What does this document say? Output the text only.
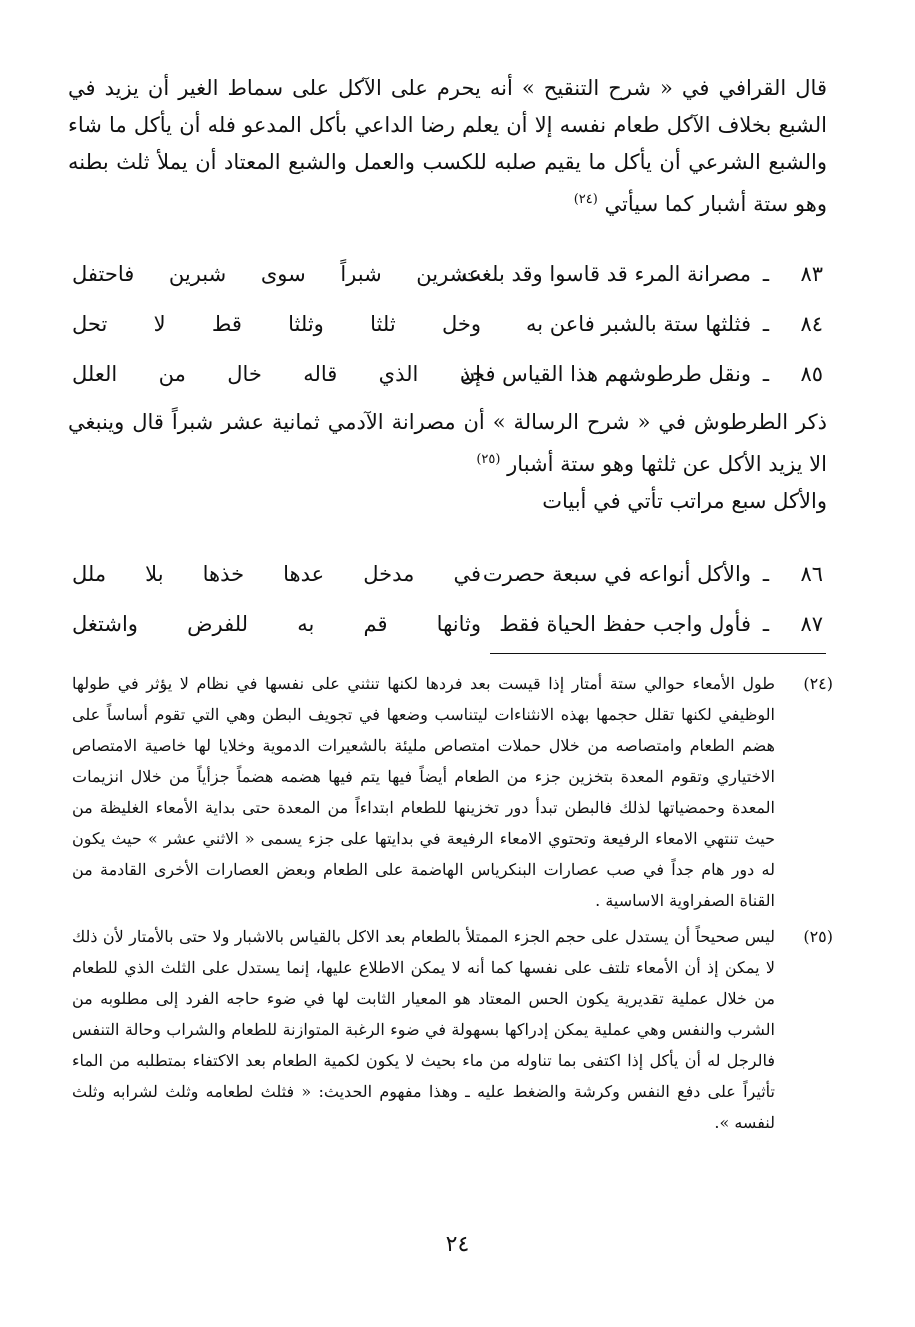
قال القرافي في « شرح التنقيح » أنه يحرم على الآكل على سماط الغير أن يزيد في الشبع بخلاف الآكل طعام نفسه إلا أن يعلم رضا الداعي بأكل المدعو فله أن يأكل ما شاء والشبع الشرعي أن يأكل ما يقيم صلبه للكسب والعمل والشبع المعتاد أن يملأ ثلث بطنه وهو ستة أشبار كما سيأتي $^{(٢٤)}$

٨٣
ـ
مصرانة المرء قد قاسوا وقد بلغت
عشرين شبراً سوى شبرين فاحتفل
٨٤
ـ
فثلثها ستة بالشبر فاعن به
وخل ثلثا وثلثا قط لا تحل
٨٥
ـ
ونقل طرطوشهم هذا القياس فخذ
إن الذي قاله خال من العلل

ذكر الطرطوش في « شرح الرسالة » أن مصرانة الآدمي ثمانية عشر شبراً قال وينبغي الا يزيد الأكل عن ثلثها وهو ستة أشبار $^{(٢٥)}$

والأكل سبع مراتب تأتي في أبيات

٨٦
ـ
والأكل أنواعه في سبعة حصرت
في مدخل عدها خذها بلا ملل
٨٧
ـ
فأول واجب حفظ الحياة فقط
وثانها قم به للفرض واشتغل
(٢٤)
طول الأمعاء حوالي ستة أمتار إذا قيست بعد فردها لكنها تنثني على نفسها في نظام لا يؤثر في طولها الوظيفي لكنها تقلل حجمها بهذه الانثناءات ليتناسب وضعها في تجويف البطن وهي التي تقوم أساساً على هضم الطعام وامتصاصه من خلال حملات امتصاص مليئة بالشعيرات الدموية وخلايا لها خاصية الامتصاص الاختياري وتقوم المعدة بتخزين جزء من الطعام أيضاً فيها يتم فيها هضمه هضماً جزأياً من خلال انزيمات المعدة وحمضياتها لذلك فالبطن تبدأ دور تخزينها للطعام ابتداءاً من المعدة حتى بداية الأمعاء الغليظة من حيث تنتهي الامعاء الرفيعة وتحتوي الامعاء الرفيعة في بدايتها على جزء يسمى « الاثني عشر » حيث يكون له دور هام جداً في صب عصارات البنكرياس الهاضمة على الطعام وبعض العصارات الأخرى القادمة من القناة الصفراوية الاساسية .
(٢٥)
ليس صحيحاً أن يستدل على حجم الجزء الممتلأ بالطعام بعد الاكل بالقياس بالاشبار ولا حتى بالأمتار لأن ذلك لا يمكن إذ أن الأمعاء تلتف على نفسها كما أنه لا يمكن الاطلاع عليها، إنما يستدل على الثلث الذي للطعام من خلال عملية تقديرية يكون الحس المعتاد هو المعيار الثابت لها في ضوء حاجه الفرد إلى مطلوبه من الشرب والنفس وهي عملية يمكن إدراكها بسهولة في ضوء الرغبة المتوازنة للطعام والشراب وحالة التنفس فالرجل له أن يأكل إذا اكتفى بما تناوله من ماء بحيث لا يكون لكمية الطعام بعد الاكتفاء بمتطلبه من الماء تأثيراً على دفع النفس وكرشة والضغط عليه ـ وهذا مفهوم الحديث: « فثلث لطعامه وثلث لشرابه وثلث لنفسه ».
٢٤
